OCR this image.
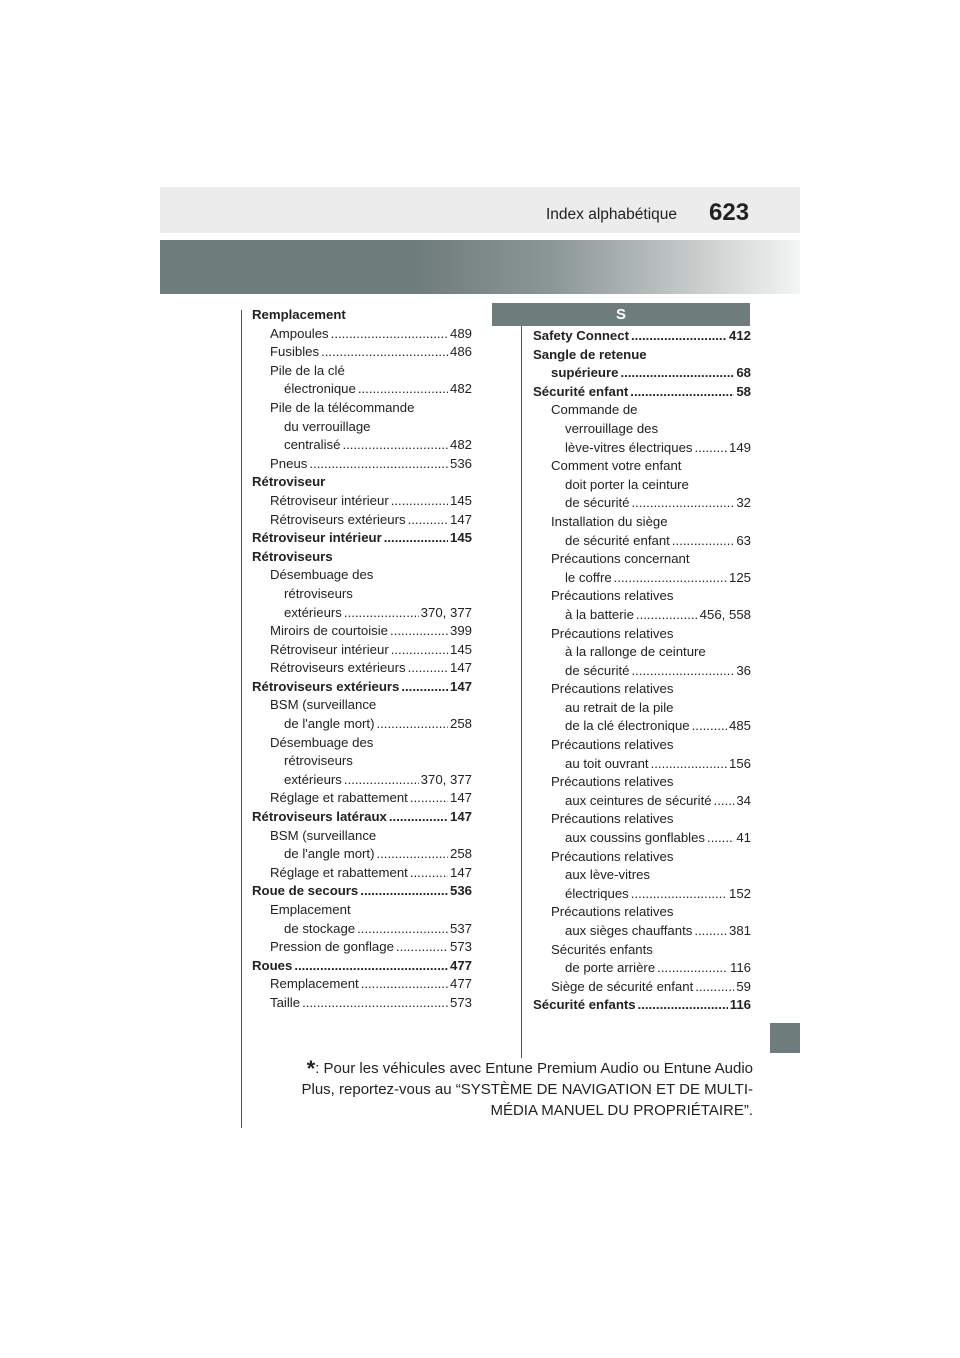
Index alphabétique 623
S
Remplacement
Ampoules .....	489
Fusibles .....	486
Pile de la clé
électronique .....	482
Pile de la télécommande
du verrouillage
centralisé .....	482
Pneus .....	536
Rétroviseur
Rétroviseur intérieur .....	145
Rétroviseurs extérieurs .....	147
Rétroviseur intérieur .....	145
Rétroviseurs
Désembuage des
rétroviseurs
extérieurs .....	370, 377
Miroirs de courtoisie .....	399
Rétroviseur intérieur .....	145
Rétroviseurs extérieurs .....	147
Rétroviseurs extérieurs .....	147
BSM (surveillance
de l'angle mort) .....	258
Désembuage des
rétroviseurs
extérieurs .....	370, 377
Réglage et rabattement .....	147
Rétroviseurs latéraux .....	147
BSM (surveillance
de l'angle mort) .....	258
Réglage et rabattement .....	147
Roue de secours .....	536
Emplacement
de stockage .....	537
Pression de gonflage .....	573
Roues .....	477
Remplacement .....	477
Taille .....	573
Safety Connect .....	412
Sangle de retenue
supérieure .....	68
Sécurité enfant .....	58
Commande de
verrouillage des
lève-vitres électriques .....	149
Comment votre enfant
doit porter la ceinture
de sécurité .....	32
Installation du siège
de sécurité enfant .....	63
Précautions concernant
le coffre .....	125
Précautions relatives
à la batterie .....	456, 558
Précautions relatives
à la rallonge de ceinture
de sécurité .....	36
Précautions relatives
au retrait de la pile
de la clé électronique .....	485
Précautions relatives
au toit ouvrant .....	156
Précautions relatives
aux ceintures de sécurité ..... 34
Précautions relatives
aux coussins gonflables ..... 41
Précautions relatives
aux lève-vitres
électriques .....	152
Précautions relatives
aux sièges chauffants .....	381
Sécurités enfants
de porte arrière .....	116
Siège de sécurité enfant .....	59
Sécurité enfants .....	116
*: Pour les véhicules avec Entune Premium Audio ou Entune Audio
Plus, reportez-vous au “SYSTÈME DE NAVIGATION ET DE MULTI-
MÉDIA MANUEL DU PROPRIÉTAIRE”.
